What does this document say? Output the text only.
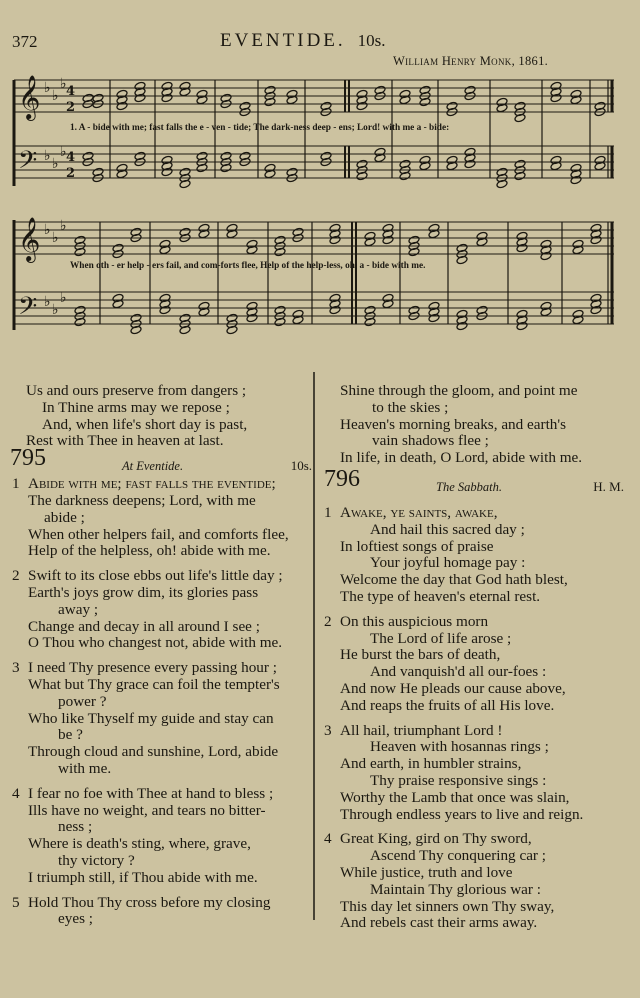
372	EVENTIDE. 10s.
William Henry Monk, 1861.
𝄞
𝄢
♭ ♭
♭
♭ ♭
♭
4
2
4
2
1. A - bide with me; fast falls the e - ven - tide; The dark-ness deep - ens; Lord! with me a - bide:
𝄞
𝄢
♭ ♭
♭
♭ ♭
♭
When oth - er help - ers fail, and com-forts flee, Help of the help-less, oh, a - bide with me.
Us and ours preserve from dangers ;
In Thine arms may we repose ;
And, when life's short day is past,
Rest with Thee in heaven at last.
795	At Eventide.	10s.
1 Abide with me; fast falls the eventide;
The darkness deepens; Lord, with me
abide ;
When other helpers fail, and comforts flee,
Help of the helpless, oh! abide with me.
2 Swift to its close ebbs out life's little day ;
Earth's joys grow dim, its glories pass
away ;
Change and decay in all around I see ;
O Thou who changest not, abide with me.
3 I need Thy presence every passing hour ;
What but Thy grace can foil the tempter's
power ?
Who like Thyself my guide and stay can
be ?
Through cloud and sunshine, Lord, abide
with me.
4 I fear no foe with Thee at hand to bless ;
Ills have no weight, and tears no bitter-
ness ;
Where is death's sting, where, grave,
thy victory ?
I triumph still, if Thou abide with me.
5 Hold Thou Thy cross before my closing
eyes ;
Shine through the gloom, and point me
to the skies ;
Heaven's morning breaks, and earth's
vain shadows flee ;
In life, in death, O Lord, abide with me.
796	The Sabbath.	H. M.
1 Awake, ye saints, awake,
And hail this sacred day ;
In loftiest songs of praise
Your joyful homage pay :
Welcome the day that God hath blest,
The type of heaven's eternal rest.
2 On this auspicious morn
The Lord of life arose ;
He burst the bars of death,
And vanquish'd all our-foes :
And now He pleads our cause above,
And reaps the fruits of all His love.
3 All hail, triumphant Lord !
Heaven with hosannas rings ;
And earth, in humbler strains,
Thy praise responsive sings :
Worthy the Lamb that once was slain,
Through endless years to live and reign.
4 Great King, gird on Thy sword,
Ascend Thy conquering car ;
While justice, truth and love
Maintain Thy glorious war :
This day let sinners own Thy sway,
And rebels cast their arms away.
